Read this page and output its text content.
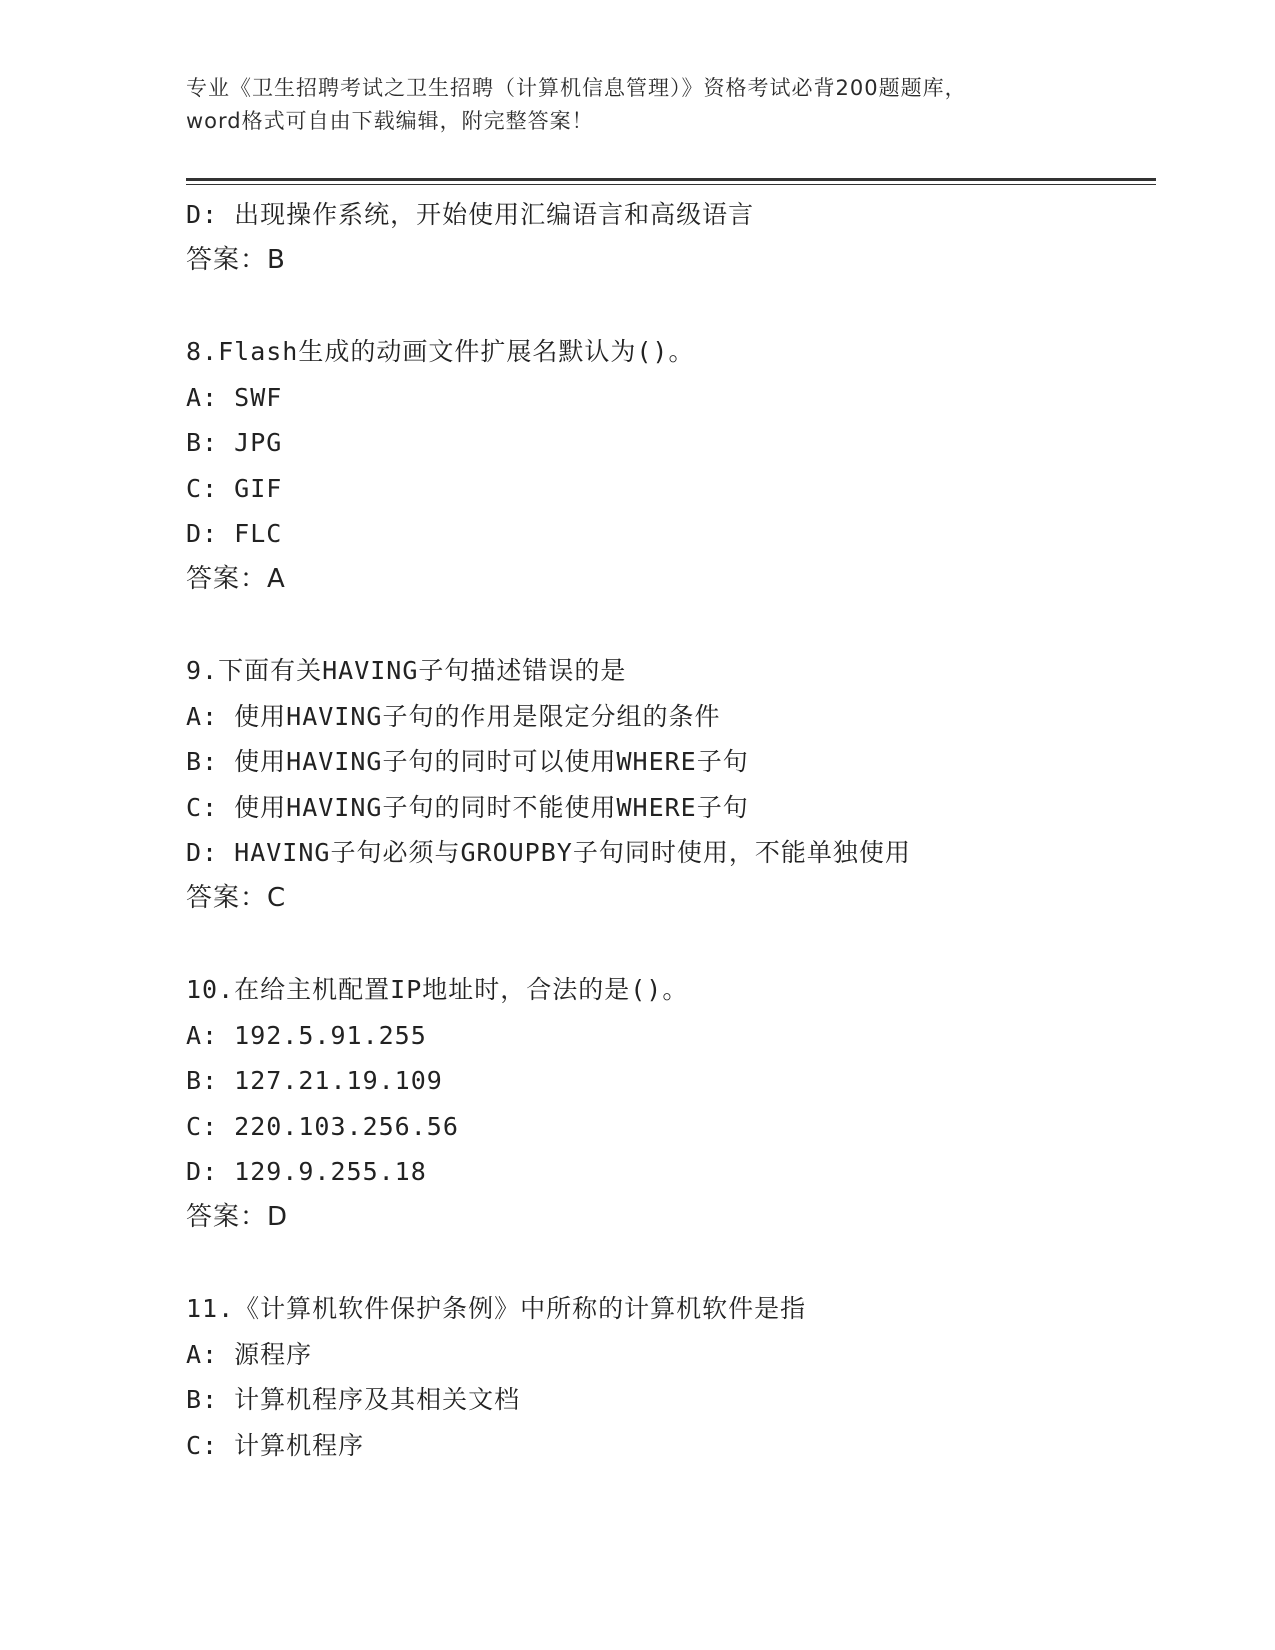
专业《卫生招聘考试之卫生招聘（计算机信息管理）》资格考试必背200题题库，
word格式可自由下载编辑，附完整答案！
D: 出现操作系统，开始使用汇编语言和高级语言
答案：B
8.Flash生成的动画文件扩展名默认为()。
A: SWF
B: JPG
C: GIF
D: FLC
答案：A
9.下面有关HAVING子句描述错误的是
A: 使用HAVING子句的作用是限定分组的条件
B: 使用HAVING子句的同时可以使用WHERE子句
C: 使用HAVING子句的同时不能使用WHERE子句
D: HAVING子句必须与GROUPBY子句同时使用，不能单独使用
答案：C
10.在给主机配置IP地址时，合法的是()。
A: 192.5.91.255
B: 127.21.19.109
C: 220.103.256.56
D: 129.9.255.18
答案：D
11.《计算机软件保护条例》中所称的计算机软件是指
A: 源程序
B: 计算机程序及其相关文档
C: 计算机程序
